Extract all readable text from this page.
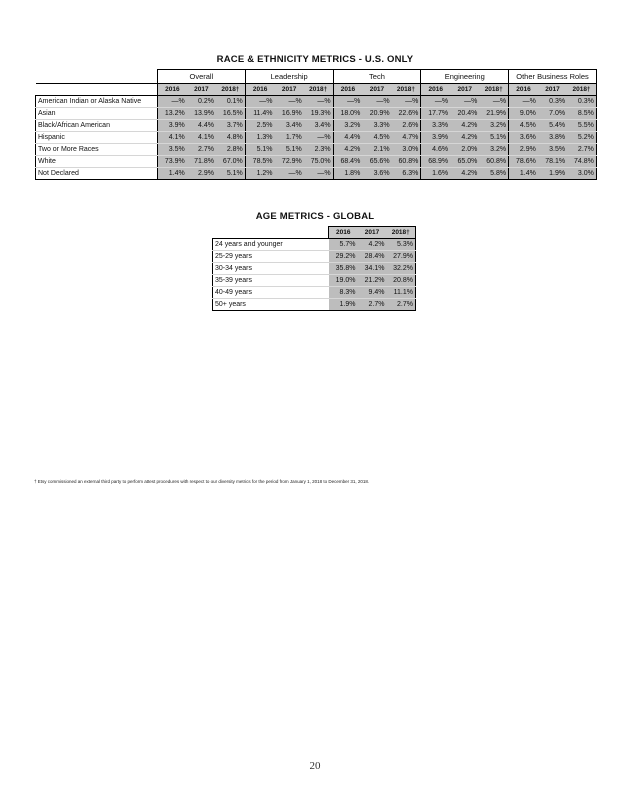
RACE & ETHNICITY METRICS - U.S. ONLY
	Overall			Leadership			Tech			Engineering			Other Business Roles		
	2016	2017	2018†	2016	2017	2018†	2016	2017	2018†	2016	2017	2018†	2016	2017	2018†
American Indian or Alaska Native	—%	0.2%	0.1%	—%	—%	—%	—%	—%	—%	—%	—%	—%	—%	0.3%	0.3%
Asian	13.2%	13.9%	16.5%	11.4%	16.9%	19.3%	18.0%	20.9%	22.6%	17.7%	20.4%	21.9%	9.0%	7.0%	8.5%
Black/African American	3.9%	4.4%	3.7%	2.5%	3.4%	3.4%	3.2%	3.3%	2.6%	3.3%	4.2%	3.2%	4.5%	5.4%	5.5%
Hispanic	4.1%	4.1%	4.8%	1.3%	1.7%	—%	4.4%	4.5%	4.7%	3.9%	4.2%	5.1%	3.6%	3.8%	5.2%
Two or More Races	3.5%	2.7%	2.8%	5.1%	5.1%	2.3%	4.2%	2.1%	3.0%	4.6%	2.0%	3.2%	2.9%	3.5%	2.7%
White	73.9%	71.8%	67.0%	78.5%	72.9%	75.0%	68.4%	65.6%	60.8%	68.9%	65.0%	60.8%	78.6%	78.1%	74.8%
Not Declared	1.4%	2.9%	5.1%	1.2%	—%	—%	1.8%	3.6%	6.3%	1.6%	4.2%	5.8%	1.4%	1.9%	3.0%
AGE METRICS - GLOBAL
	2016	2017	2018†
24 years and younger	5.7%	4.2%	5.3%
25-29 years	29.2%	28.4%	27.9%
30-34 years	35.8%	34.1%	32.2%
35-39 years	19.0%	21.2%	20.8%
40-49 years	8.3%	9.4%	11.1%
50+ years	1.9%	2.7%	2.7%
† Etsy commissioned an external third party to perform attest procedures with respect to our diversity metrics for the period from January 1, 2018 to December 31, 2018.
20
